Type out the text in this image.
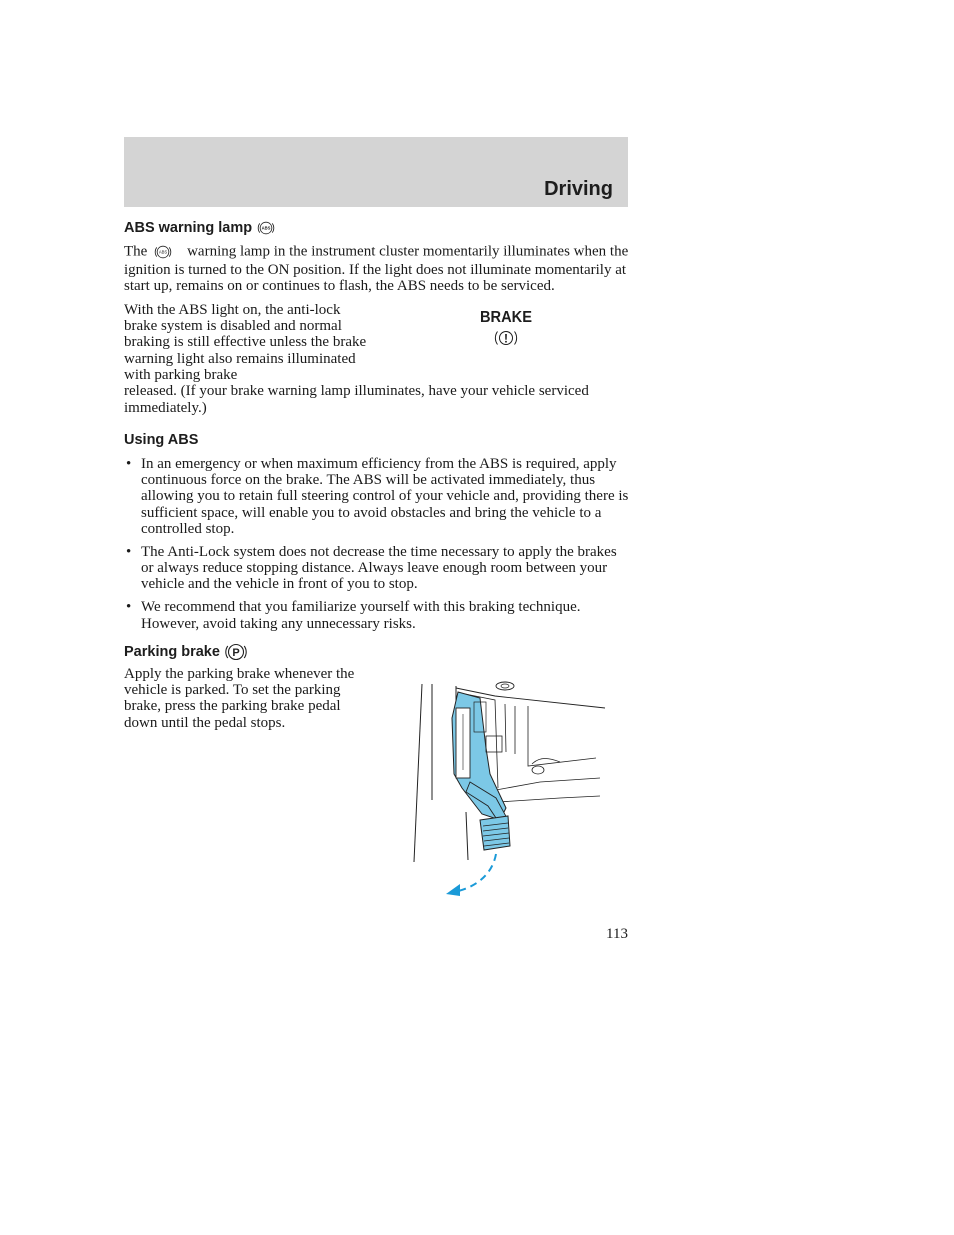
Driving
ABS warning lamp ABS

The ABS warning lamp in the instrument cluster momentarily illuminates when the ignition is turned to the ON position. If the light does not illuminate momentarily at start up, remains on or continues to flash, the ABS needs to be serviced.

With the ABS light on, the anti-lock brake system is disabled and normal braking is still effective unless the brake warning light also remains illuminated with parking brake

released. (If your brake warning lamp illuminates, have your vehicle serviced immediately.)

BRAKE
!
Using ABS
• In an emergency or when maximum efficiency from the ABS is required, apply continuous force on the brake. The ABS will be activated immediately, thus allowing you to retain full steering control of your vehicle and, providing there is sufficient space, will enable you to avoid obstacles and bring the vehicle to a controlled stop.
• The Anti-Lock system does not decrease the time necessary to apply the brakes or always reduce stopping distance. Always leave enough room between your vehicle and the vehicle in front of you to stop.
• We recommend that you familiarize yourself with this braking technique. However, avoid taking any unnecessary risks.
Parking brake P

Apply the parking brake whenever the vehicle is parked. To set the parking brake, press the parking brake pedal down until the pedal stops.

113
